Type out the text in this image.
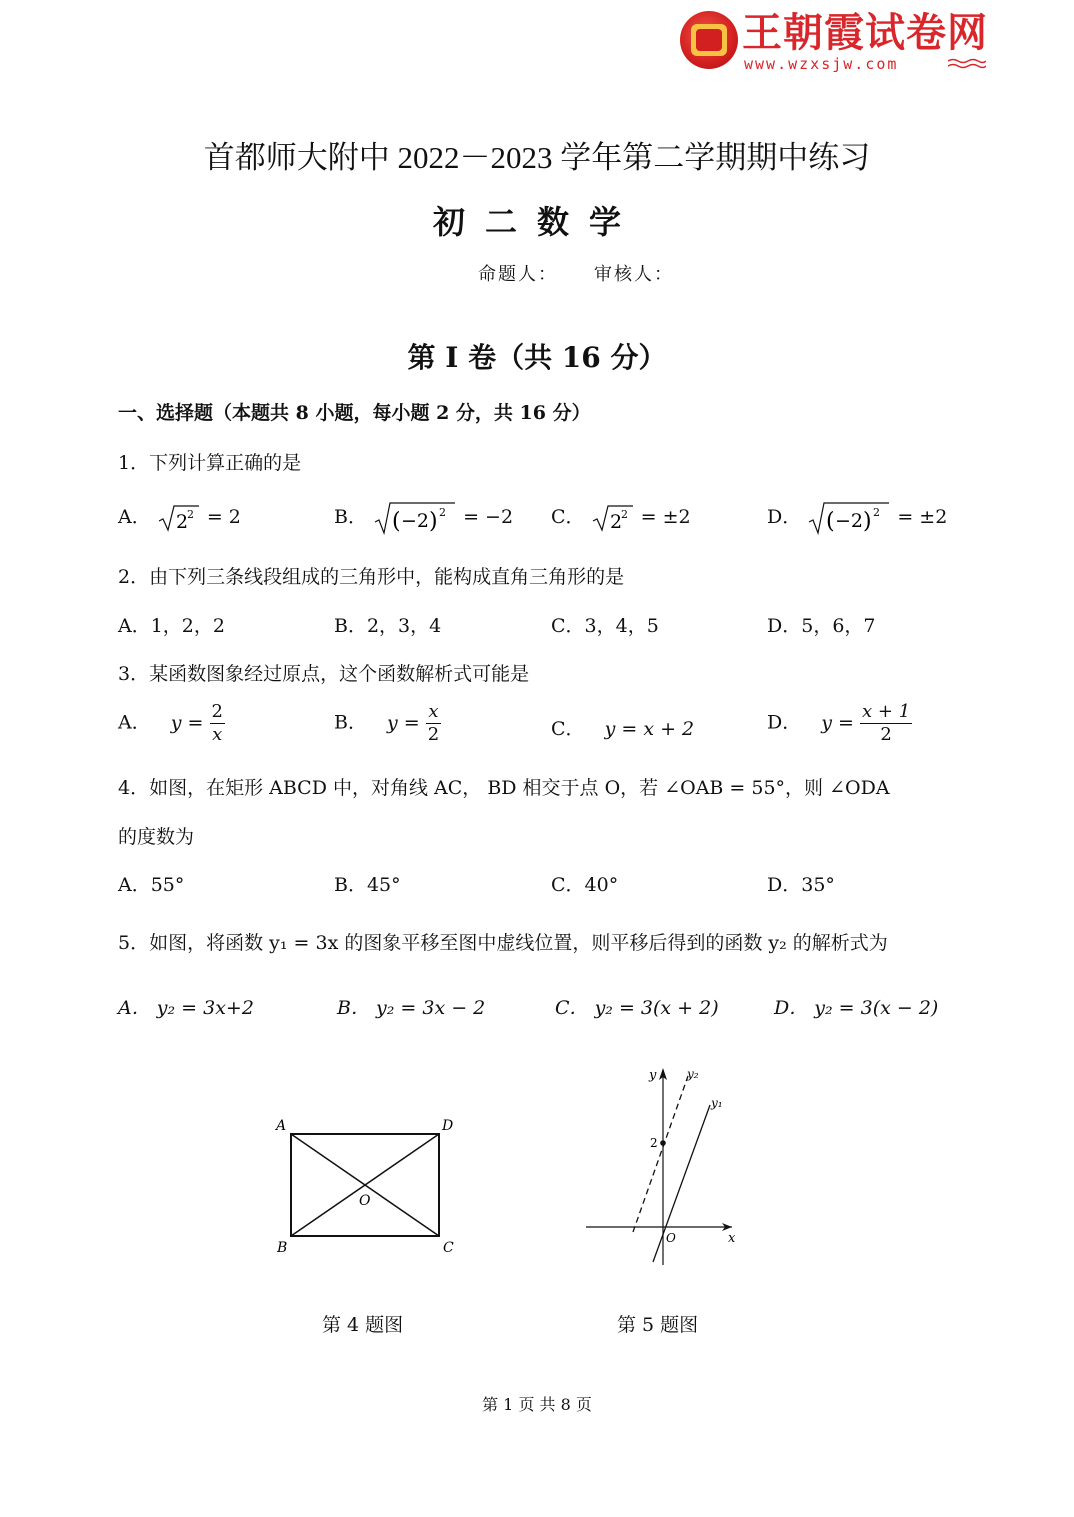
王朝霞试卷网
www.wzxsjw.com
首都师大附中 2022－2023 学年第二学期期中练习
初二数学
命题人： 审核人：
第 I 卷（共 16 分）
一、选择题（本题共 8 小题，每小题 2 分，共 16 分）
1．下列计算正确的是
A． 2
2 = 2	B． ( −2 ) 2 = −2 C． 2
2 = ±2	D． ( −2 ) 2 = ±2
2．由下列三条线段组成的三角形中，能构成直角三角形的是
A．1，2，2	B．2，3，4	C．3，4，5	D．5，6，7
3．某函数图象经过原点，这个函数解析式可能是
A． $y = \frac{2}{x}$	B． $y = \frac{x}{2}$	C． y = x + 2	D． $y = \frac{x + 1}{2}$
4．如图，在矩形 ABCD 中，对角线 AC， BD 相交于点 O，若 ∠OAB = 55°，则 ∠ODA
的度数为
A．55°	B．45°	C．40°	D．35°
5．如图，将函数 y₁ = 3x 的图象平移至图中虚线位置，则平移后得到的函数 y₂ 的解析式为
A． y₂ = 3x+2	B． y₂ = 3x − 2	C． y₂ = 3(x + 2)	D． y₂ = 3(x − 2)
A	D
B	C
O
第 4 题图
y	y₂
y₁
2
O	x
第 5 题图
第 1 页 共 8 页
